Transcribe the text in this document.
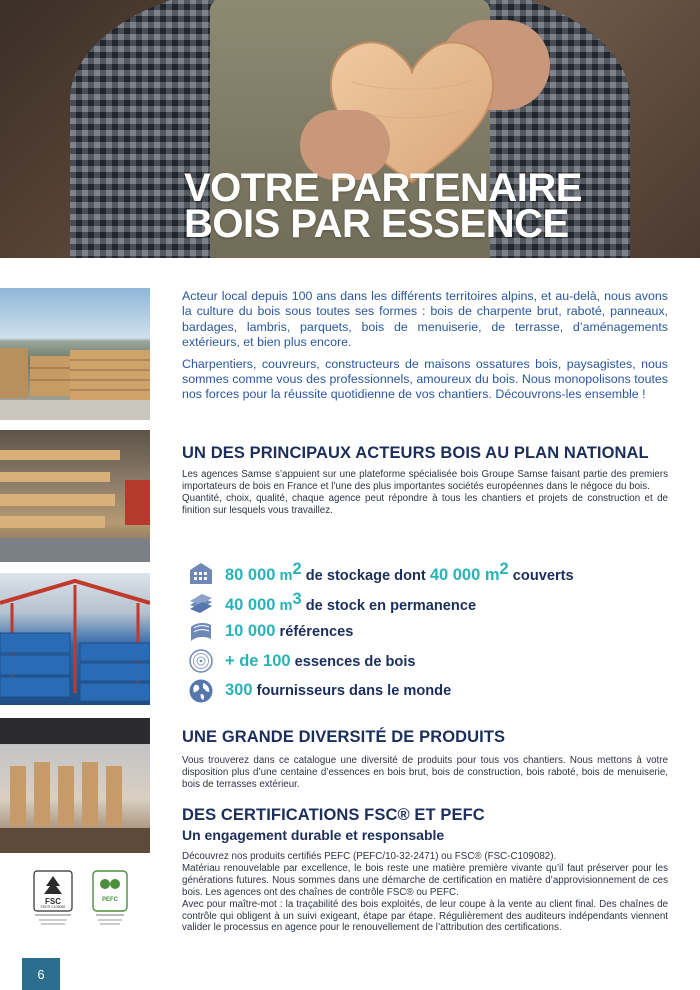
VOTRE PARTENAIRE
BOIS PAR ESSENCE
FSC
FSC® C109082
PEFC

Acteur local depuis 100 ans dans les différents territoires alpins, et au-delà, nous avons la culture du bois sous toutes ses formes : bois de charpente brut, raboté, panneaux, bardages, lambris, parquets, bois de menuiserie, de terrasse, d’aménagements extérieurs, et bien plus encore.

Charpentiers, couvreurs, constructeurs de maisons ossatures bois, paysagistes, nous sommes comme vous des professionnels, amoureux du bois. Nous monopolisons toutes nos forces pour la réussite quotidienne de vos chantiers. Découvrons-les ensemble !

UN DES PRINCIPAUX ACTEURS BOIS AU PLAN NATIONAL

Les agences Samse s’appuient sur une plateforme spécialisée bois Groupe Samse faisant partie des premiers importateurs de bois en France et l’une des plus importantes sociétés européennes dans le négoce du bois.

Quantité, choix, qualité, chaque agence peut répondre à tous les chantiers et projets de construction et de finition sur lesquels vous travaillez.

80 000 m2 de stockage dont 40 000 m2 couverts
40 000 m3 de stock en permanence
10 000 références
+ de 100 essences de bois
300 fournisseurs dans le monde
UNE GRANDE DIVERSITÉ DE PRODUITS

Vous trouverez dans ce catalogue une diversité de produits pour tous vos chantiers. Nous mettons à votre disposition plus d’une centaine d’essences en bois brut, bois de construction, bois raboté, bois de menuiserie, bois de terrasses extérieur.

DES CERTIFICATIONS FSC® ET PEFC
Un engagement durable et responsable

Découvrez nos produits certifiés PEFC (PEFC/10-32-2471) ou FSC® (FSC-C109082).

Matériau renouvelable par excellence, le bois reste une matière première vivante qu’il faut préserver pour les générations futures. Nous sommes dans une démarche de certification en matière d’approvisionnement de ces bois. Les agences ont des chaînes de contrôle FSC® ou PEFC.

Avec pour maître-mot : la traçabilité des bois exploités, de leur coupe à la vente au client final. Des chaînes de contrôle qui obligent à un suivi exigeant, étape par étape. Régulièrement des auditeurs indépendants viennent valider le processus en agence pour le renouvellement de l’attribution des certifications.

6
